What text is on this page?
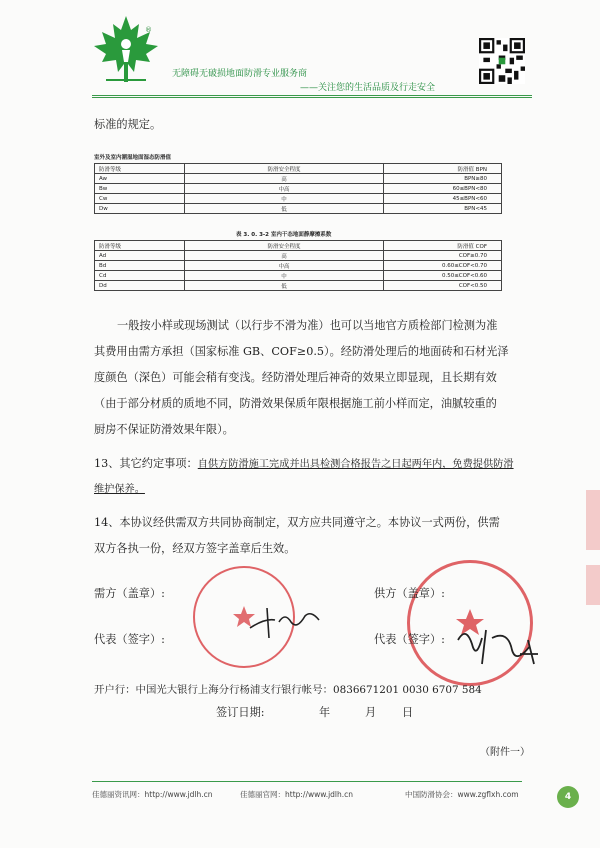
®
无障碍无破损地面防滑专业服务商
——关注您的生活品质及行走安全
标准的规定。
室外及室内潮湿地面湿态防滑值
防滑等级	防滑安全程度	防滑值 BPN
Aw	高	BPN≥80
Bw	中高	60≤BPN<80
Cw	中	45≤BPN<60
Dw	低	BPN<45
表 3. 0. 3-2 室内干态地面静摩擦系数
防滑等级	防滑安全程度	防滑值 COF
Ad	高	COF≥0.70
Bd	中高	0.60≤COF<0.70
Cd	中	0.50≤COF<0.60
Dd	低	COF<0.50
一般按小样或现场测试（以行步不滑为准）也可以当地官方质检部门检测为准
其费用由需方承担（国家标准 GB、COF≥0.5）。经防滑处理后的地面砖和石材光泽
度颜色（深色）可能会稍有变浅。经防滑处理后神奇的效果立即显现，且长期有效
（由于部分材质的质地不同，防滑效果保质年限根据施工前小样而定，油腻较重的
厨房不保证防滑效果年限）。
13、其它约定事项：自供方防滑施工完成并出具检测合格报告之日起两年内，免费提供防滑
维护保养。
14、本协议经供需双方共同协商制定，双方应共同遵守之。本协议一式两份，供需
双方各执一份，经双方签字盖章后生效。
需方（盖章）:	供方（盖章）:
代表（签字）:	代表（签字）:
开户行：中国光大银行上海分行杨浦支行银行帐号：0836671201 0030 6707 584
签订日期:	年	月 日
（附件一）
佳德丽资讯网：http://www.jdlh.cn	佳德丽官网：http://www.jdlh.cn	中国防滑协会：www.zgflxh.com	4
